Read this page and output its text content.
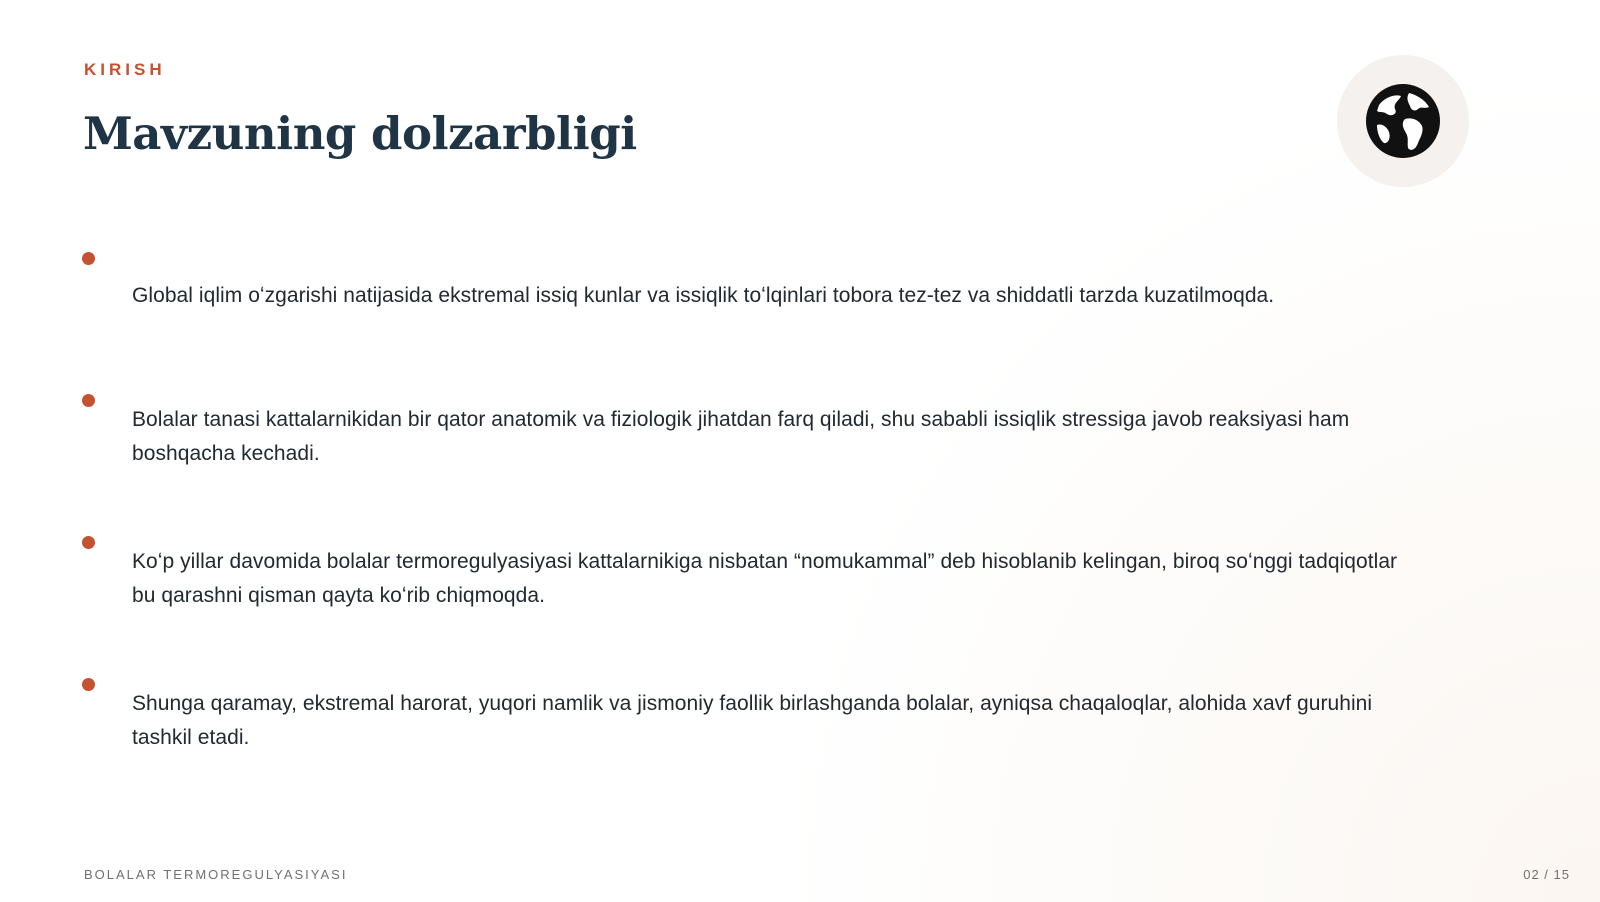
KIRISH
Mavzuning dolzarbligi
Global iqlim oʻzgarishi natijasida ekstremal issiq kunlar va issiqlik toʻlqinlari tobora tez-tez va shiddatli tarzda kuzatilmoqda.
Bolalar tanasi kattalarnikidan bir qator anatomik va fiziologik jihatdan farq qiladi, shu sababli issiqlik stressiga javob reaksiyasi ham boshqacha kechadi.
Koʻp yillar davomida bolalar termoregulyasiyasi kattalarnikiga nisbatan “nomukammal” deb hisoblanib kelingan, biroq soʻnggi tadqiqotlar bu qarashni qisman qayta koʻrib chiqmoqda.
Shunga qaramay, ekstremal harorat, yuqori namlik va jismoniy faollik birlashganda bolalar, ayniqsa chaqaloqlar, alohida xavf guruhini tashkil etadi.
BOLALAR TERMOREGULYASIYASI	02 / 15
